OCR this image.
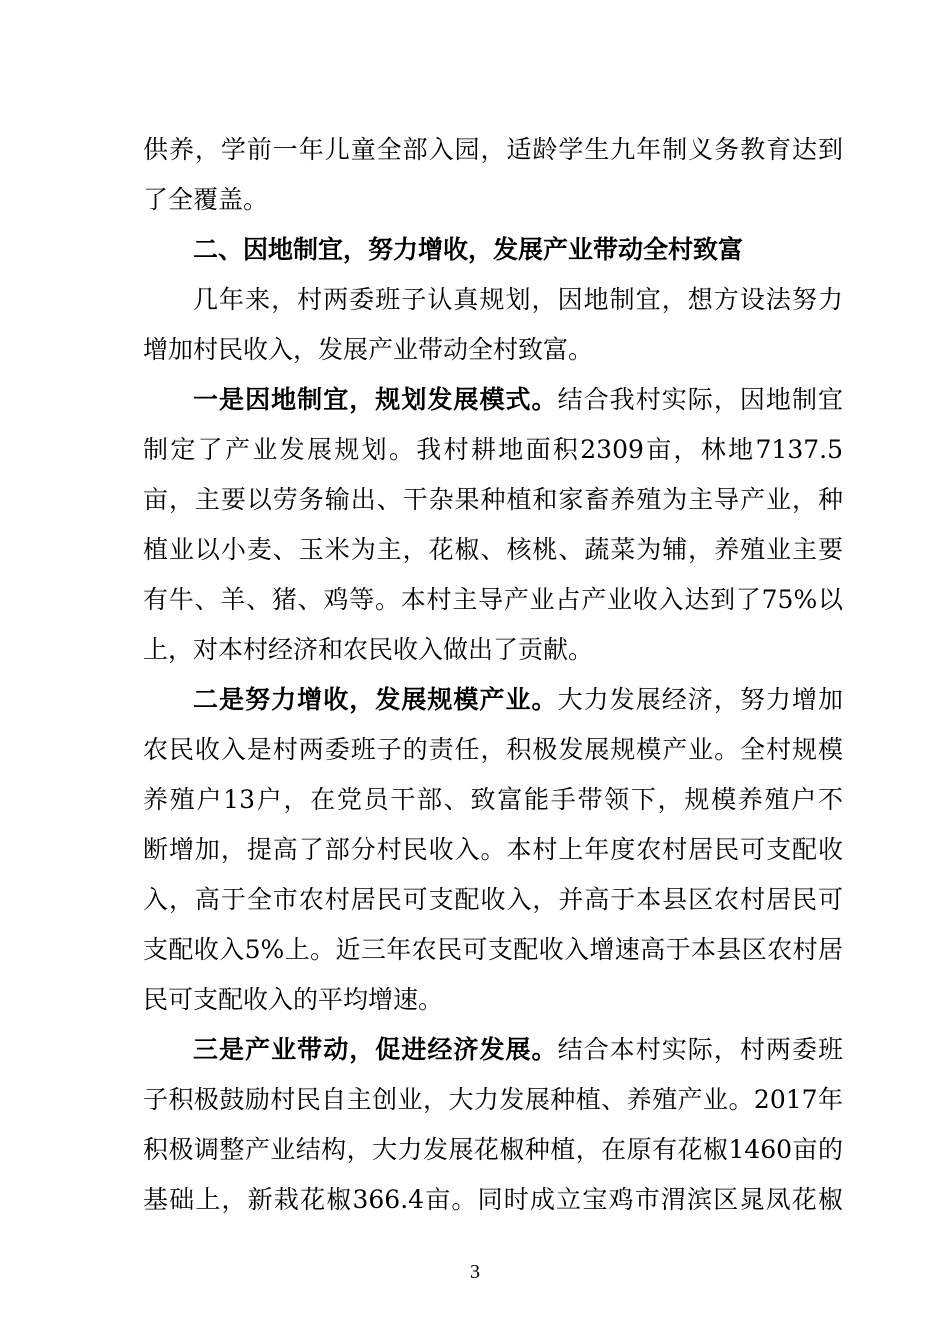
供养，学前一年儿童全部入园，适龄学生九年制义务教育达到
了全覆盖。
二、因地制宜，努力增收，发展产业带动全村致富
几年来，村两委班子认真规划，因地制宜，想方设法努力
增加村民收入，发展产业带动全村致富。
一是因地制宜，规划发展模式。结合我村实际，因地制宜
制定了产业发展规划。我村耕地面积2309亩，林地7137.5
亩，主要以劳务输出、干杂果种植和家畜养殖为主导产业，种
植业以小麦、玉米为主，花椒、核桃、蔬菜为辅，养殖业主要
有牛、羊、猪、鸡等。本村主导产业占产业收入达到了75%以
上，对本村经济和农民收入做出了贡献。
二是努力增收，发展规模产业。大力发展经济，努力增加
农民收入是村两委班子的责任，积极发展规模产业。全村规模
养殖户13户，在党员干部、致富能手带领下，规模养殖户不
断增加，提高了部分村民收入。本村上年度农村居民可支配收
入，高于全市农村居民可支配收入，并高于本县区农村居民可
支配收入5%上。近三年农民可支配收入增速高于本县区农村居
民可支配收入的平均增速。
三是产业带动，促进经济发展。结合本村实际，村两委班
子积极鼓励村民自主创业，大力发展种植、养殖产业。2017年
积极调整产业结构，大力发展花椒种植，在原有花椒1460亩的
基础上，新栽花椒366.4亩。同时成立宝鸡市渭滨区晁凤花椒
3
